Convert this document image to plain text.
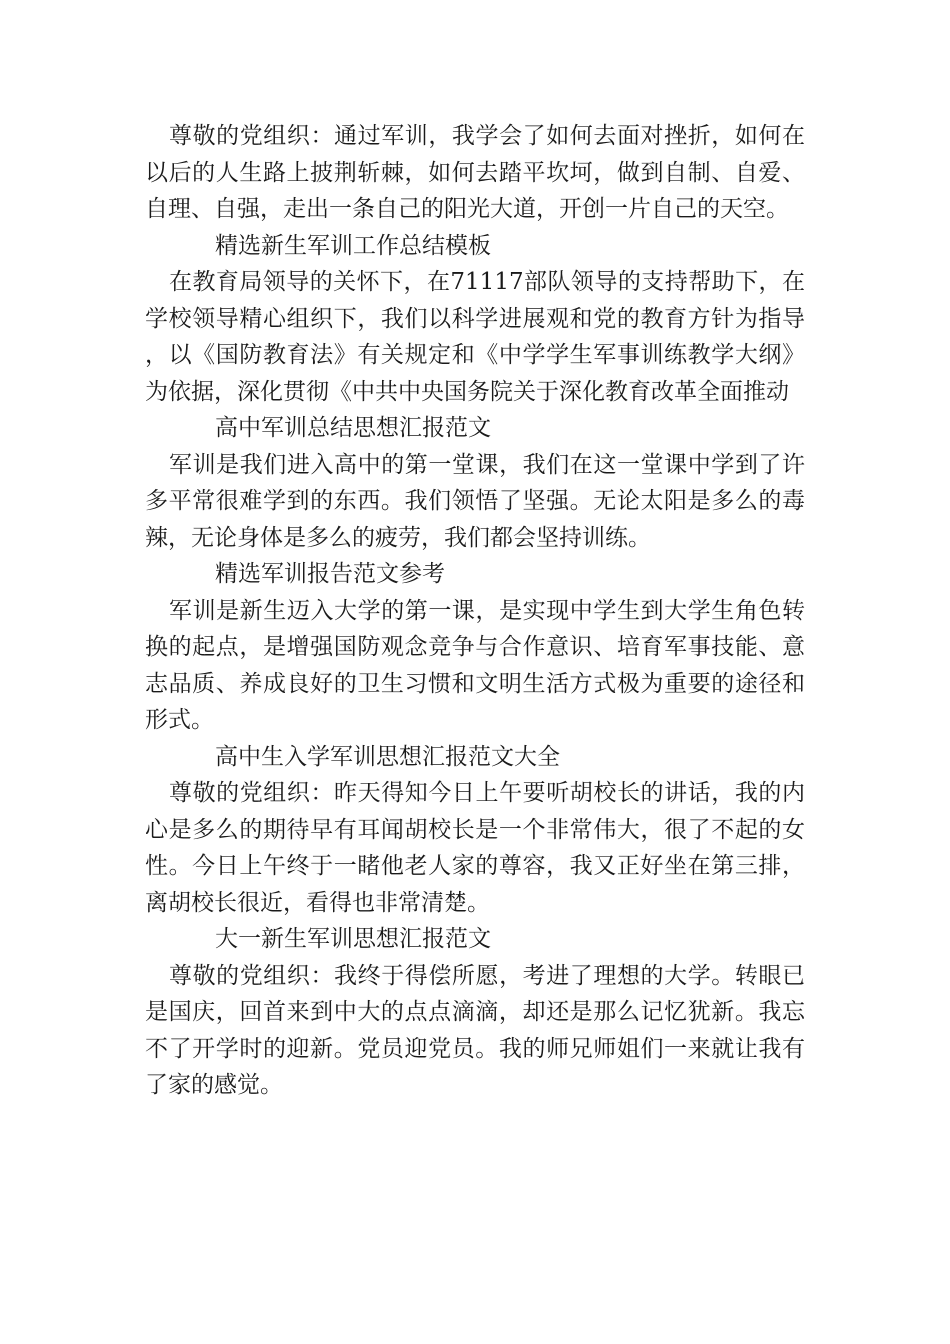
尊敬的党组织：通过军训，我学会了如何去面对挫折，如何在以后的人生路上披荆斩棘，如何去踏平坎坷，做到自制、自爱、自理、自强，走出一条自己的阳光大道，开创一片自己的天空。

精选新生军训工作总结模板

在教育局领导的关怀下，在71117部队领导的支持帮助下，在学校领导精心组织下，我们以科学进展观和党的教育方针为指导，以《国防教育法》有关规定和《中学学生军事训练教学大纲》为依据，深化贯彻《中共中央国务院关于深化教育改革全面推动

高中军训总结思想汇报范文

军训是我们进入高中的第一堂课，我们在这一堂课中学到了许多平常很难学到的东西。我们领悟了坚强。无论太阳是多么的毒辣，无论身体是多么的疲劳，我们都会坚持训练。

精选军训报告范文参考

军训是新生迈入大学的第一课，是实现中学生到大学生角色转换的起点，是增强国防观念竞争与合作意识、培育军事技能、意志品质、养成良好的卫生习惯和文明生活方式极为重要的途径和形式。

高中生入学军训思想汇报范文大全

尊敬的党组织：昨天得知今日上午要听胡校长的讲话，我的内心是多么的期待早有耳闻胡校长是一个非常伟大，很了不起的女性。今日上午终于一睹他老人家的尊容，我又正好坐在第三排，离胡校长很近，看得也非常清楚。

大一新生军训思想汇报范文

尊敬的党组织：我终于得偿所愿，考进了理想的大学。转眼已是国庆，回首来到中大的点点滴滴，却还是那么记忆犹新。我忘不了开学时的迎新。党员迎党员。我的师兄师姐们一来就让我有了家的感觉。
